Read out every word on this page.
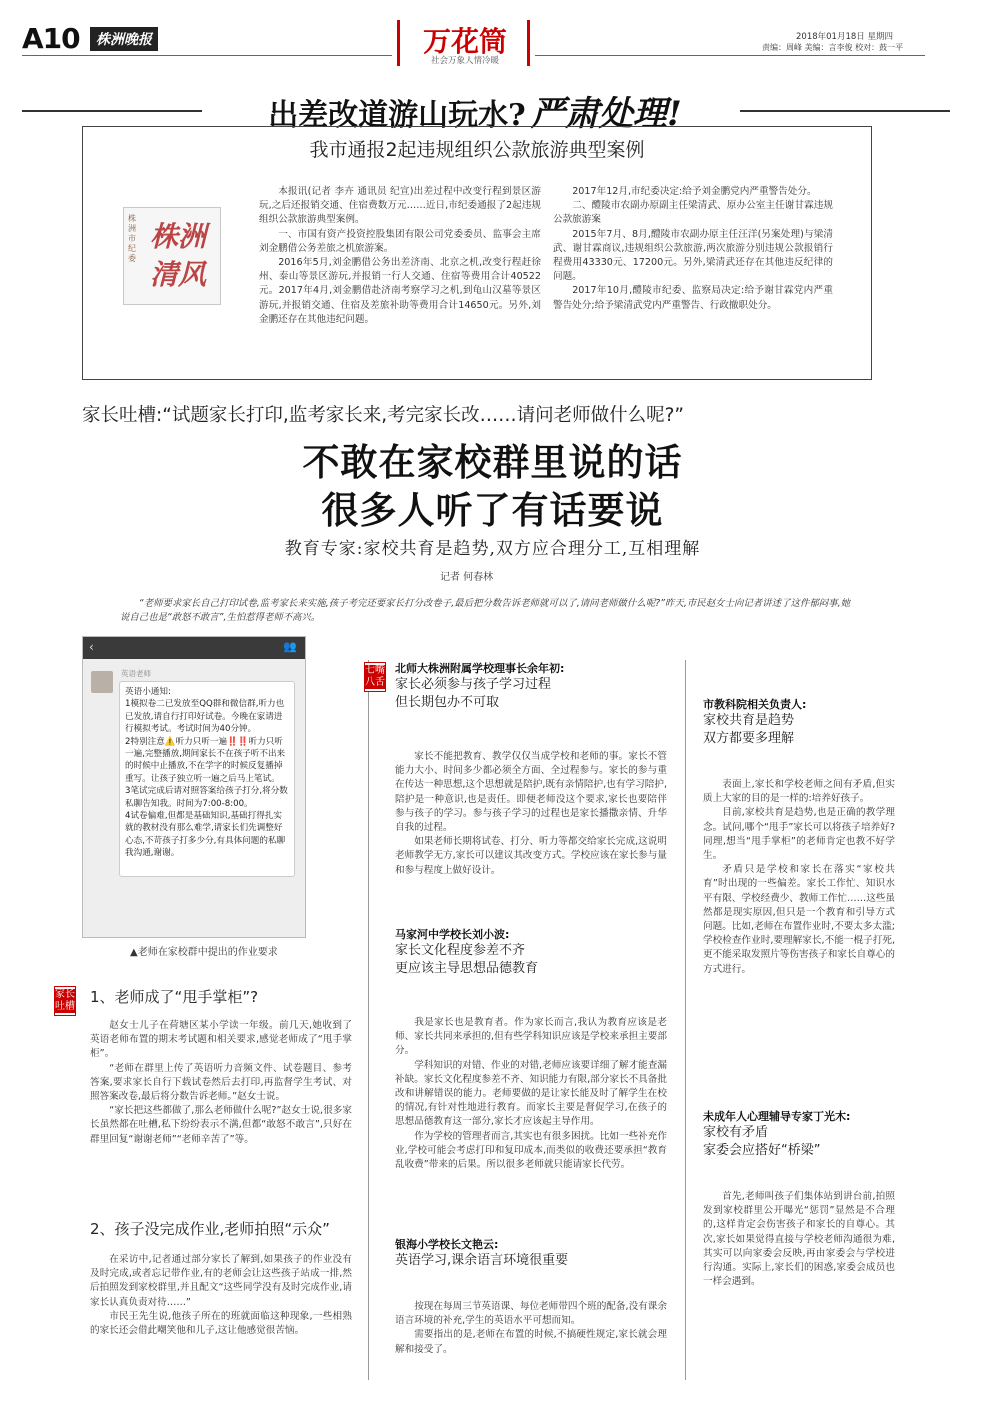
A10	株洲晚报	万花筒
社会万象人情冷暖
2018年01月18日 星期四
责编：周峰 美编：言李俊 校对：鼓一平
出差改道游山玩水? 严肃处理!
我市通报2起违规组织公款旅游典型案例
株洲市纪委
株洲清风

本报讯(记者 李卉 通讯员 纪宣)出差过程中改变行程到景区游玩,之后还报销交通、住宿费数万元……近日,市纪委通报了2起违规组织公款旅游典型案例。

一、市国有资产投资控股集团有限公司党委委员、监事会主席刘金鹏借公务差旅之机旅游案。

2016年5月,刘金鹏借公务出差济南、北京之机,改变行程赶徐州、泰山等景区游玩,并报销一行人交通、住宿等费用合计40522元。2017年4月,刘金鹏借赴济南考察学习之机,到龟山汉墓等景区游玩,并报销交通、住宿及差旅补助等费用合计14650元。另外,刘金鹏还存在其他违纪问题。

2017年12月,市纪委决定:给予刘金鹏党内严重警告处分。

二、醴陵市农副办原副主任梁清武、原办公室主任谢甘霖违规公款旅游案

2015年7月、8月,醴陵市农副办原主任汪洋(另案处理)与梁清武、谢甘霖商议,违规组织公款旅游,两次旅游分别违规公款报销行程费用43330元、17200元。另外,梁清武还存在其他违反纪律的问题。

2017年10月,醴陵市纪委、监察局决定:给予谢甘霖党内严重警告处分;给予梁清武党内严重警告、行政撤职处分。

家长吐槽:“试题家长打印,监考家长来,考完家长改……请问老师做什么呢?”
不敢在家校群里说的话
很多人听了有话要说
教育专家:家校共育是趋势,双方应合理分工,互相理解
记者 何春林

“老师要求家长自己打印试卷,监考家长来实施,孩子考完还要家长打分改卷子,最后把分数告诉老师就可以了,请问老师做什么呢?”昨天,市民赵女士向记者讲述了这件郁闷事,她说自己也是“敢怒不敢言”,生怕惹得老师不高兴。

‹	👥
英语老师
英语小通知:
1模拟卷二已发放至QQ群和微信群,听力也已发放,请自行打印好试卷。今晚在家请进行模拟考试。考试时间为40分钟。
2特别注意⚠️听力只听一遍‼️‼️听力只听一遍,完整播放,期间家长不在孩子听不出来的时候中止播放,不在学字的时候反复播掉重写。让孩子独立听一遍之后马上笔试。
3笔试完成后请对照答案给孩子打分,将分数私聊告知我。时间为7:00-8:00。
4试卷偏难,但都是基础知识,基础打得扎实就的教材没有那么难学,请家长们先调整好心态,不苛孩子打多少分,有具体问题的私聊我沟通,谢谢。
▲老师在家校群中提出的作业要求
家长吐槽
1、老师成了“甩手掌柜”?

赵女士儿子在荷塘区某小学读一年级。前几天,她收到了英语老师布置的期末考试题和相关要求,感觉老师成了“甩手掌柜”。

“老师在群里上传了英语听力音频文件、试卷题目、参考答案,要求家长自行下载试卷然后去打印,再监督学生考试、对照答案改卷,最后将分数告诉老师。”赵女士说。

“家长把这些都做了,那么老师做什么呢?”赵女士说,很多家长虽然都在吐槽,私下纷纷表示不满,但都“敢怒不敢言”,只好在群里回复“谢谢老师”“老师辛苦了”等。

2、孩子没完成作业,老师拍照“示众”

在采访中,记者通过部分家长了解到,如果孩子的作业没有及时完成,或者忘记带作业,有的老师会让这些孩子站成一排,然后拍照发到家校群里,并且配文“这些同学没有及时完成作业,请家长认真负责对待……”

市民王先生说,他孩子所在的班就面临这种现象,一些相熟的家长还会借此嘲笑他和儿子,这让他感觉很苦恼。

七嘴八舌
北师大株洲附属学校理事长余年初:
家长必须参与孩子学习过程
但长期包办不可取

家长不能把教育、教学仅仅当成学校和老师的事。家长不管能力大小、时间多少都必须全方面、全过程参与。家长的参与重在传达一种思想,这个思想就是陪护,既有亲情陪护,也有学习陪护,陪护是一种意识,也是责任。即便老师没这个要求,家长也要陪伴参与孩子的学习。参与孩子学习的过程也是家长播撒亲情、升华自我的过程。

如果老师长期将试卷、打分、听力等都交给家长完成,这说明老师教学无方,家长可以建议其改变方式。学校应该在家长参与量和参与程度上做好设计。

马家河中学校长刘小波:
家长文化程度参差不齐
更应该主导思想品德教育

我是家长也是教育者。作为家长而言,我认为教育应该是老师、家长共同来承担的,但有些学科知识应该是学校来承担主要部分。

学科知识的对错、作业的对错,老师应该要详细了解才能查漏补缺。家长文化程度参差不齐、知识能力有限,部分家长不具备批改和讲解错误的能力。老师要做的是让家长能及时了解学生在校的情况,有针对性地进行教育。而家长主要是督促学习,在孩子的思想品德教育这一部分,家长才应该起主导作用。

作为学校的管理者而言,其实也有很多困扰。比如一些补充作业,学校可能会考虑打印和复印成本,而类似的收费还要承担“教育乱收费”带来的后果。所以很多老师就只能请家长代劳。

银海小学校长文艳云:
英语学习,课余语言环境很重要

按现在每周三节英语课、每位老师带四个班的配备,没有课余语言环境的补充,学生的英语水平可想而知。

需要指出的是,老师在布置的时候,不搞硬性规定,家长就会理解和接受了。

市教科院相关负责人:
家校共育是趋势
双方都要多理解

表面上,家长和学校老师之间有矛盾,但实质上大家的目的是一样的:培养好孩子。

目前,家校共育是趋势,也是正确的教学理念。试问,哪个“甩手”家长可以将孩子培养好?同理,想当“甩手掌柜”的老师肯定也教不好学生。

矛盾只是学校和家长在落实“家校共育”时出现的一些偏差。家长工作忙、知识水平有限、学校经费少、教师工作忙……这些虽然都是现实原因,但只是一个教育和引导方式问题。比如,老师在布置作业时,不要太多太滥;学校检查作业时,要理解家长,不能一棍子打死,更不能采取发照片等伤害孩子和家长自尊心的方式进行。

未成年人心理辅导专家丁光木:
家校有矛盾
家委会应搭好“桥梁”

首先,老师叫孩子们集体站到讲台前,拍照发到家校群里公开曝光“惩罚”显然是不合理的,这样肯定会伤害孩子和家长的自尊心。其次,家长如果觉得直接与学校老师沟通很为难,其实可以向家委会反映,再由家委会与学校进行沟通。实际上,家长们的困惑,家委会成员也一样会遇到。
